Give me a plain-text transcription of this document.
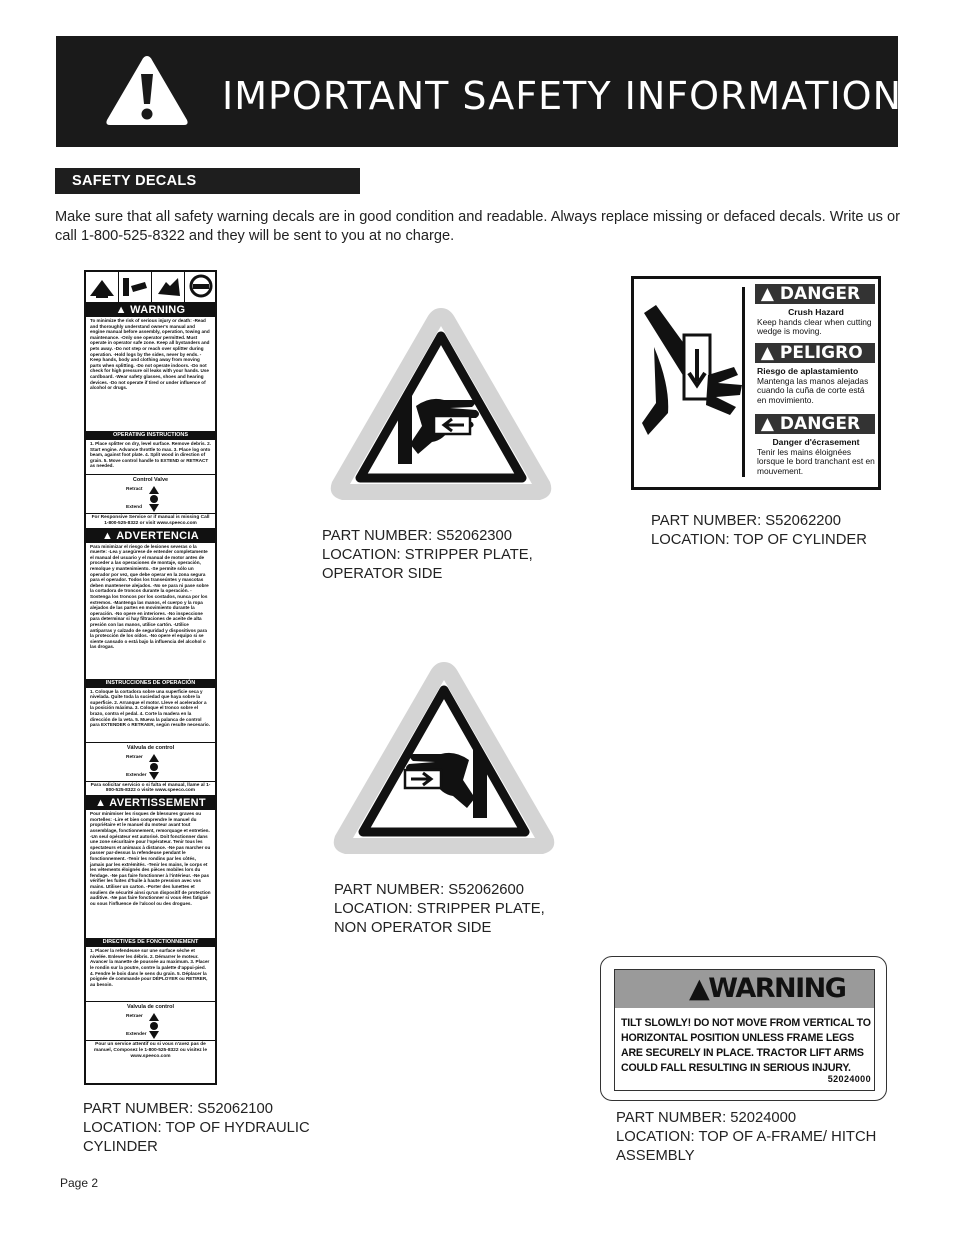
IMPORTANT SAFETY INFORMATION
SAFETY DECALS
Make sure that all safety warning decals are in good condition and readable. Always replace missing or defaced decals. Write us or call 1-800-525-8322 and they will be sent to you at no charge.
▲ WARNING
To minimize the risk of serious injury or death: -Read and thoroughly understand owner's manual and engine manual before assembly, operation, towing and maintenance. -Only one operator permitted. Must operate in operator safe zone. Keep all bystanders and pets away. -Do not step or reach over splitter during operation. -Hold logs by the sides, never by ends. -Keep hands, body and clothing away from moving parts when splitting. -Do not operate indoors. -Do not check for high pressure oil leaks with your hands. Use cardboard. -Wear safety glasses, shoes and hearing devices. -Do not operate if tired or under influence of alcohol or drugs.
OPERATING INSTRUCTIONS
1. Place splitter on dry, level surface. Remove debris. 2. Start engine. Advance throttle to max. 3. Place log onto beam, against foot plate. 4. Split wood in direction of grain. 5. Move control handle to EXTEND or RETRACT as needed.
Control Valve
Retract
Extend
For Responsive Service or if manual is missing Call 1-800-525-8322 or visit www.speeco.com
▲ ADVERTENCIA
Para minimizar el riesgo de lesiones severas o la muerte: -Lea y asegúrese de entender completamente el manual del usuario y el manual de motor antes de proceder a las operaciones de montaje, operación, remolque y mantenimiento. -Se permite sólo un operador por vez, que debe operar en la zona segura para el operador. Todos los transeúntes y mascotas deben mantenerse alejados. -No se para ni pase sobre la cortadora de troncos durante la operación. -Sostenga los troncos por los costados, nunca por los extremos. -Mantenga las manos, el cuerpo y la ropa alejados de las partes en movimiento durante la operación. -No opere en interiores. -No inspeccione para determinar si hay filtraciones de aceite de alta presión con las manos, utilice cartón. -Utilice antiparras y calzado de seguridad y dispositivos para la protección de los oídos. -No opere el equipo si se siente cansado o está bajo la influencia del alcohol o las drogas.
INSTRUCCIONES DE OPERACIÓN
1. Coloque la cortadora sobre una superficie seca y nivelada. Quite toda la suciedad que haya sobre la superficie. 2. Arranque el motor. Lleve el acelerador a la posición máxima. 3. Coloque el tronco sobre el brazo, contra el pedal. 4. Corte la madera en la dirección de la veta. 5. Mueva la palanca de control para EXTENDER o RETRAER, según resulte necesario.
Válvula de control
Retraer
Extender
Para solicitar servicio o si falta el manual, llame al 1-800-525-8322 o visite www.speeco.com
▲ AVERTISSEMENT
Pour minimiser les risques de blessures graves ou mortelles: -Lire et bien comprendre le manuel du propriétaire et le manuel du moteur avant tout assemblage, fonctionnement, remorquage et entretien. -Un seul opérateur est autorisé. Doit fonctionner dans une zone sécuritaire pour l'opérateur. Tenir tous les spectateurs et animaux à distance. -Ne pas marcher ou passer par-dessus la refendeuse pendant le fonctionnement. -Tenir les rondins par les côtés, jamais par les extrémités. -Tenir les mains, le corps et les vêtements éloignés des pièces mobiles lors du fendage. -Ne pas faire fonctionner à l'intérieur. -Ne pas vérifier les fuites d'huile à haute pression avec vos mains. Utiliser un carton. -Porter des lunettes et souliers de sécurité ainsi qu'un dispositif de protection auditive. -Ne pas faire fonctionner si vous êtes fatigué ou sous l'influence de l'alcool ou des drogues.
DIRECTIVES DE FONCTIONNEMENT
1. Placer la refendeuse sur une surface sèche et nivelée. Enlever les débris. 2. Démarrer le moteur. Avancer la manette de poussée au maximum. 3. Placer le rondin sur la poutre, contre la palette d'appui-pied. 4. Fendre le bois dans le sens du grain. 5. Déplacer la poignée de commande pour DÉPLOYER ou RETIRER, au besoin.
Valvula de control
Retraer
Extender
Pour un service attentif ou si vous n'avez pas de manuel, Composez le 1-800-525-8322 ou visitez le www.speeco.com
PART NUMBER: S52062100
LOCATION: TOP OF HYDRAULIC
CYLINDER
PART NUMBER: S52062300
LOCATION: STRIPPER PLATE,
OPERATOR SIDE
▲ DANGER
Crush Hazard
Keep hands clear when cutting wedge is moving.
▲ PELIGRO
Riesgo de aplastamiento
Mantenga las manos alejadas cuando la cuña de corte está en movimiento.
▲ DANGER
Danger d'écrasement
Tenir les mains éloignées lorsque le bord tranchant est en mouvement.
PART NUMBER: S52062200
LOCATION: TOP OF CYLINDER
PART NUMBER: S52062600
LOCATION: STRIPPER PLATE,
NON OPERATOR SIDE
▲WARNING
TILT SLOWLY! DO NOT MOVE FROM VERTICAL TO HORIZONTAL POSITION UNLESS FRAME LEGS ARE SECURELY IN PLACE. TRACTOR LIFT ARMS COULD FALL RESULTING IN SERIOUS INJURY.
52024000
PART NUMBER: 52024000
LOCATION: TOP OF A-FRAME/ HITCH
ASSEMBLY
Page 2
